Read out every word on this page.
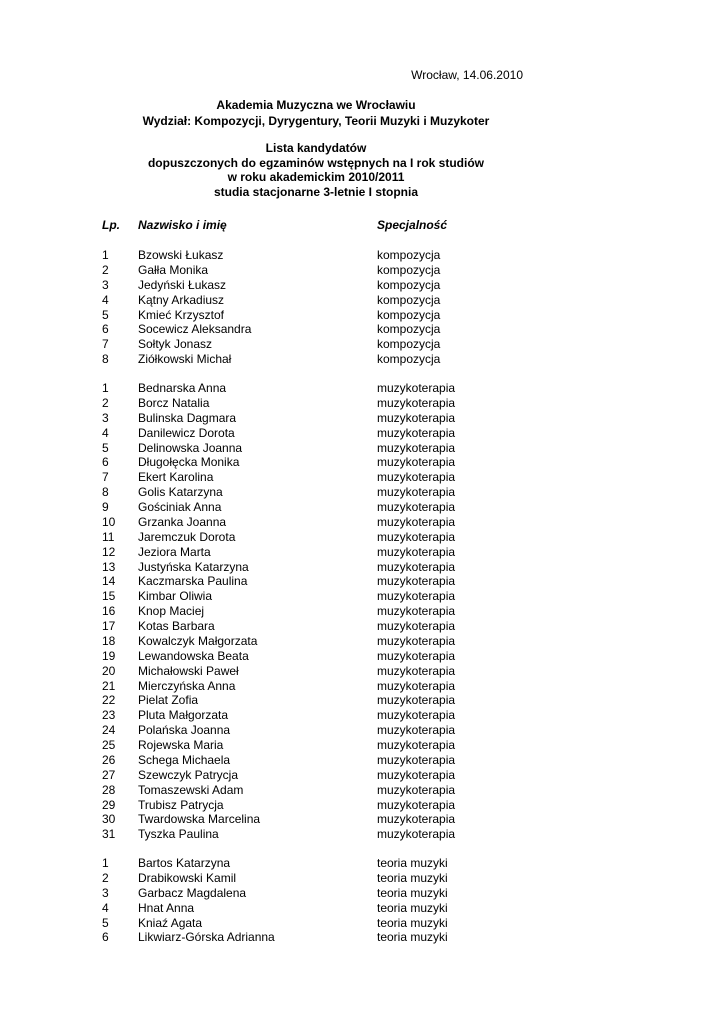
Wrocław, 14.06.2010
Akademia Muzyczna we Wrocławiu
Wydział: Kompozycji, Dyrygentury, Teorii Muzyki i Muzykoter
Lista kandydatów
dopuszczonych do egzaminów wstępnych na I rok studiów
w roku akademickim 2010/2011
studia stacjonarne 3-letnie I stopnia
Lp. Nazwisko i imię	Specjalność
1 Bzowski Łukasz	kompozycja
2 Gałła Monika	kompozycja
3 Jedyński Łukasz	kompozycja
4 Kątny Arkadiusz	kompozycja
5 Kmieć Krzysztof	kompozycja
6 Socewicz Aleksandra	kompozycja
7 Sołtyk Jonasz	kompozycja
8 Ziółkowski Michał	kompozycja
1 Bednarska Anna	muzykoterapia
2 Borcz Natalia	muzykoterapia
3 Bulinska Dagmara	muzykoterapia
4 Danilewicz Dorota	muzykoterapia
5 Delinowska Joanna	muzykoterapia
6 Długołęcka Monika	muzykoterapia
7 Ekert Karolina	muzykoterapia
8 Golis Katarzyna	muzykoterapia
9 Gościniak Anna	muzykoterapia
10 Grzanka Joanna	muzykoterapia
11 Jaremczuk Dorota	muzykoterapia
12 Jeziora Marta	muzykoterapia
13 Justyńska Katarzyna	muzykoterapia
14 Kaczmarska Paulina	muzykoterapia
15 Kimbar Oliwia	muzykoterapia
16 Knop Maciej	muzykoterapia
17 Kotas Barbara	muzykoterapia
18 Kowalczyk Małgorzata	muzykoterapia
19 Lewandowska Beata	muzykoterapia
20 Michałowski Paweł	muzykoterapia
21 Mierczyńska Anna	muzykoterapia
22 Pielat Zofia	muzykoterapia
23 Pluta Małgorzata	muzykoterapia
24 Polańska Joanna	muzykoterapia
25 Rojewska Maria	muzykoterapia
26 Schega Michaela	muzykoterapia
27 Szewczyk Patrycja	muzykoterapia
28 Tomaszewski Adam	muzykoterapia
29 Trubisz Patrycja	muzykoterapia
30 Twardowska Marcelina	muzykoterapia
31 Tyszka Paulina	muzykoterapia
1 Bartos Katarzyna	teoria muzyki
2 Drabikowski Kamil	teoria muzyki
3 Garbacz Magdalena	teoria muzyki
4 Hnat Anna	teoria muzyki
5 Kniaź Agata	teoria muzyki
6 Likwiarz-Górska Adrianna	teoria muzyki
